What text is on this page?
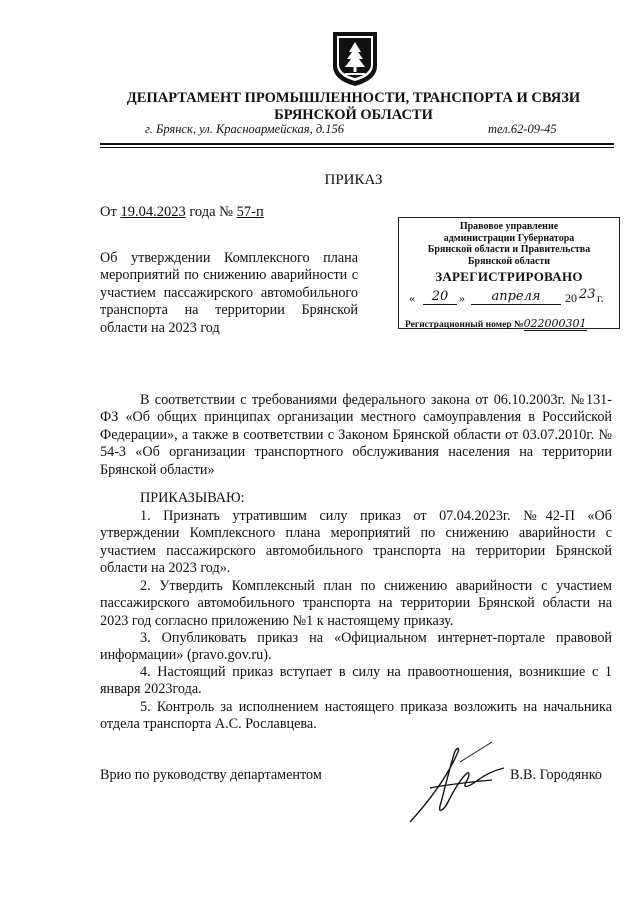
ДЕПАРТАМЕНТ ПРОМЫШЛЕННОСТИ, ТРАНСПОРТА И СВЯЗИ
БРЯНСКОЙ ОБЛАСТИ
г. Брянск, ул. Красноармейская, д.156	тел.62-09-45
ПРИКАЗ
От 19.04.2023 года № 57-п
Правовое управление
администрации Губернатора
Брянской области и Правительства
Брянской области
ЗАРЕГИСТРИРОВАНО
«	20 »	апреля	20 23 г.
Регистрационный номер №022000301
Об утверждении Комплексного плана мероприятий по снижению аварийности с участием пассажирского автомобильного транспорта на территории Брянской области на 2023 год
В соответствии с требованиями федерального закона от 06.10.2003г. №131-ФЗ «Об общих принципах организации местного самоуправления в Российской Федерации», а также в соответствии с Законом Брянской области от 03.07.2010г. № 54-3 «Об организации транспортного обслуживания населения на территории Брянской области»
ПРИКАЗЫВАЮ:
1. Признать утратившим силу приказ от 07.04.2023г. №42-П «Об утверждении Комплексного плана мероприятий по снижению аварийности с участием пассажирского автомобильного транспорта на территории Брянской области на 2023 год».
2. Утвердить Комплексный план по снижению аварийности с участием пассажирского автомобильного транспорта на территории Брянской области на 2023 год согласно приложению №1 к настоящему приказу.
3. Опубликовать приказ на «Официальном интернет-портале правовой информации» (pravo.gov.ru).
4. Настоящий приказ вступает в силу на правоотношения, возникшие с 1 января 2023года.
5. Контроль за исполнением настоящего приказа возложить на начальника отдела транспорта А.С. Рославцева.
Врио по руководству департаментом	В.В. Городянко
